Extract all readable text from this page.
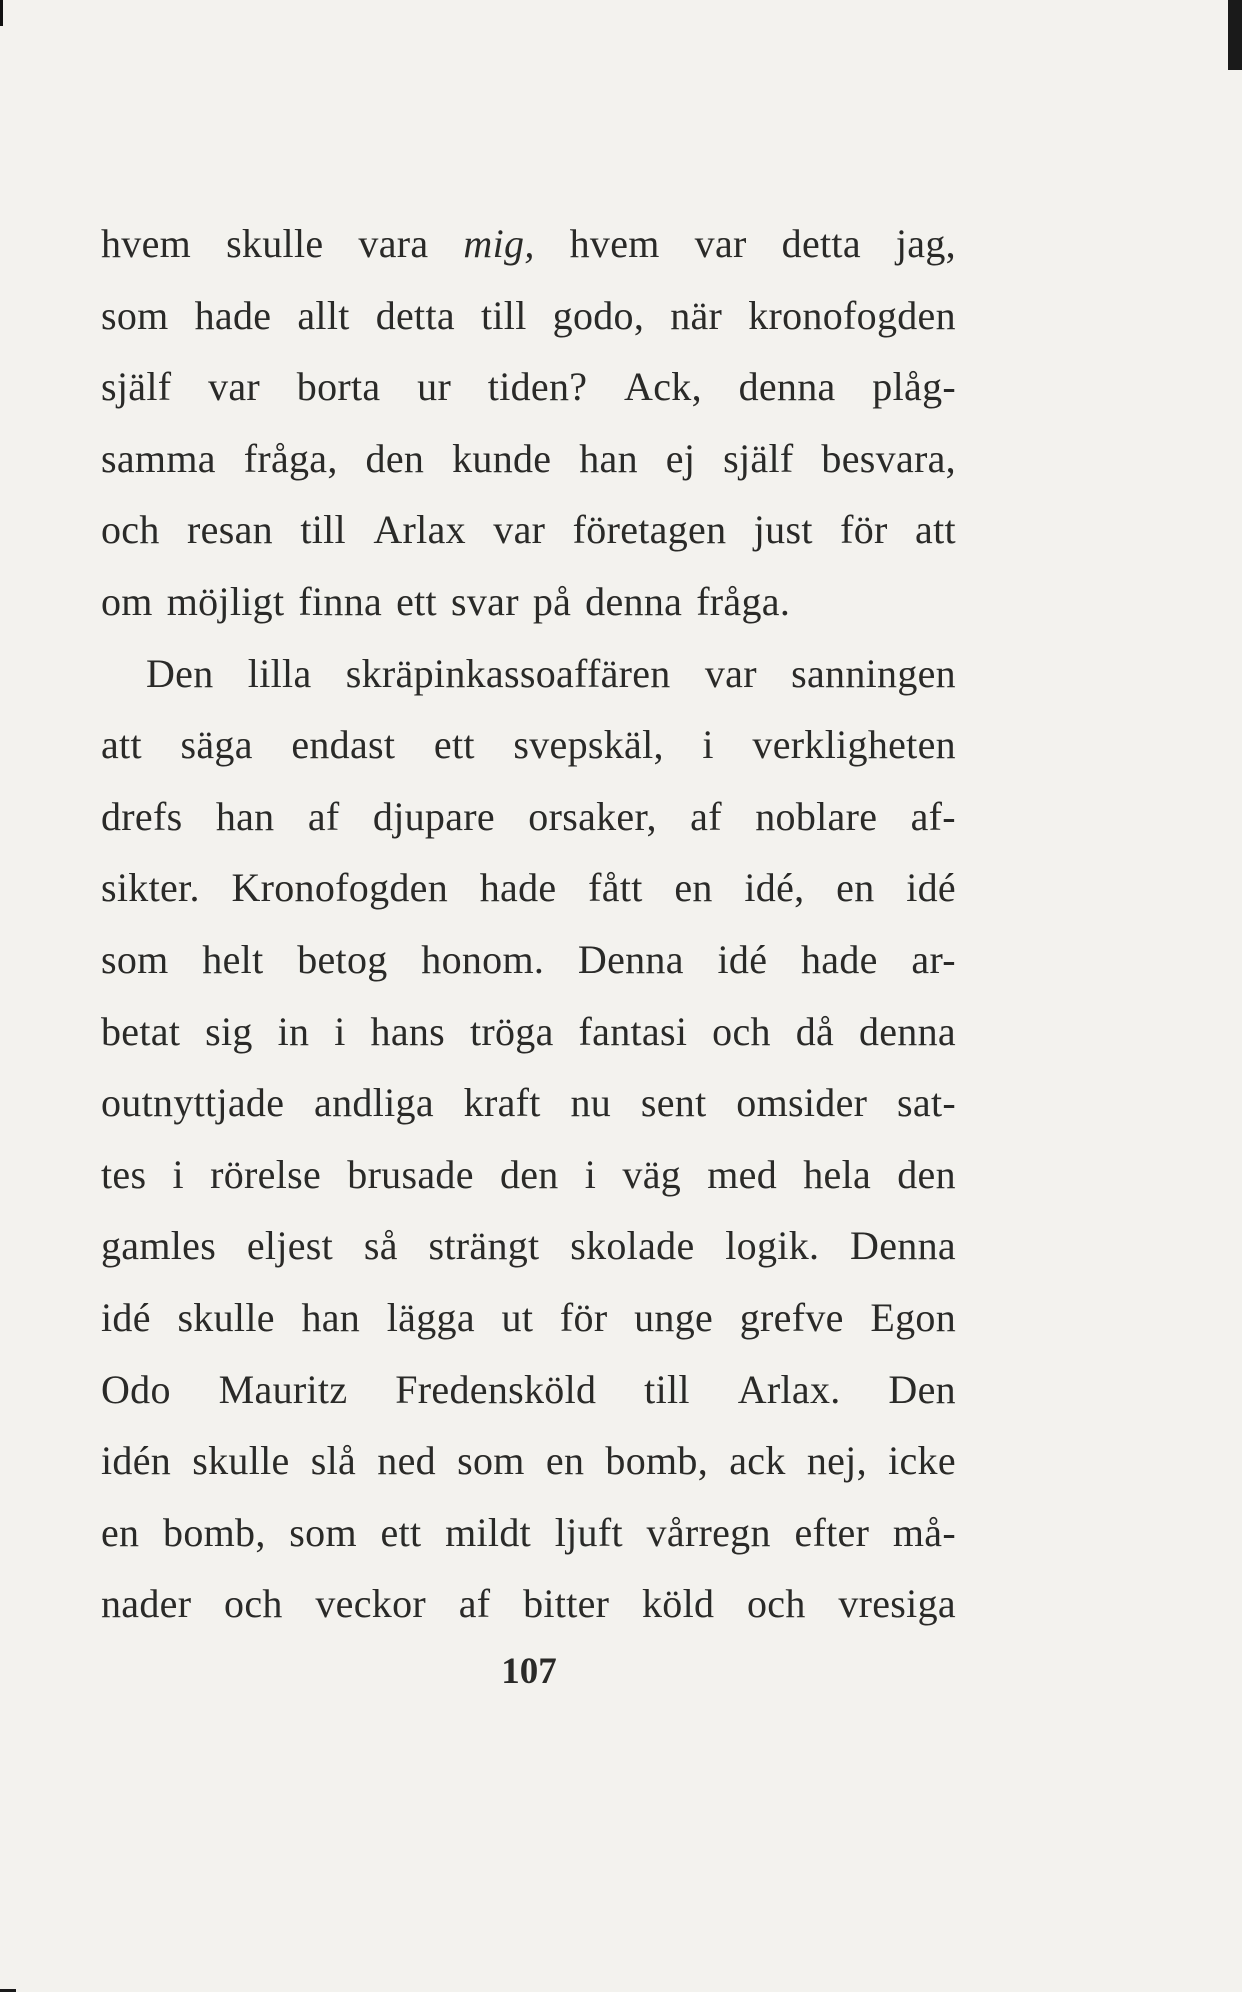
hvem skulle vara mig, hvem var detta jag,
som hade allt detta till godo, när kronofogden
själf var borta ur tiden? Ack, denna plåg-
samma fråga, den kunde han ej själf besvara,
och resan till Arlax var företagen just för att
om möjligt finna ett svar på denna fråga.
Den lilla skräpinkassoaffären var sanningen
att säga endast ett svepskäl, i verkligheten
drefs han af djupare orsaker, af noblare af-
sikter. Kronofogden hade fått en idé, en idé
som helt betog honom. Denna idé hade ar-
betat sig in i hans tröga fantasi och då denna
outnyttjade andliga kraft nu sent omsider sat-
tes i rörelse brusade den i väg med hela den
gamles eljest så strängt skolade logik. Denna
idé skulle han lägga ut för unge grefve Egon
Odo Mauritz Fredensköld till Arlax. Den
idén skulle slå ned som en bomb, ack nej, icke
en bomb, som ett mildt ljuft vårregn efter må-
nader och veckor af bitter köld och vresiga
107
